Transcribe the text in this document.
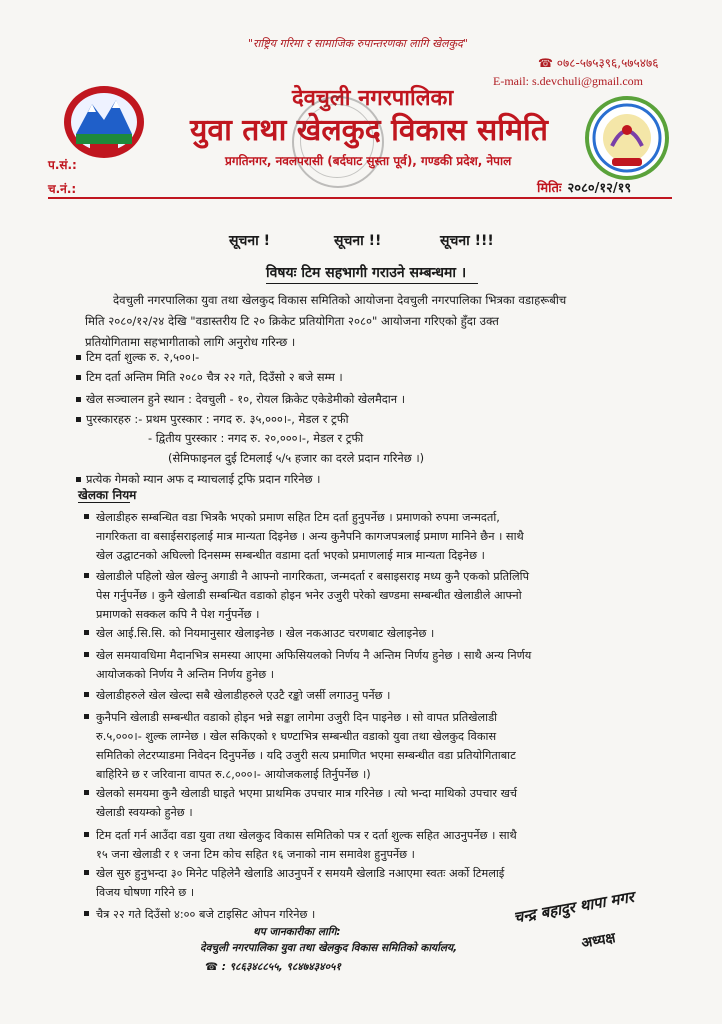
"राष्ट्रिय गरिमा र सामाजिक रुपान्तरणका लागि खेलकुद"
☎ ०७८-५७५३९६,५७५४७६
E-mail: s.devchuli@gmail.com
देवचुली नगरपालिका
युवा तथा खेलकुद विकास समिति
प्रगतिनगर, नवलपरासी (बर्दघाट सुस्ता पूर्व), गण्डकी प्रदेश, नेपाल
प.सं.:
च.नं.:	मितिः २०८०/१२/१९
सूचना !	सूचना !!	सूचना !!!
विषयः टिम सहभागी गराउने सम्बन्धमा ।

देवचुली नगरपालिका युवा तथा खेलकुद विकास समितिको आयोजना देवचुली नगरपालिका भित्रका वडाहरूबीच

मिति २०८०/१२/२४ देखि "वडास्तरीय टि २० क्रिकेट प्रतियोगिता २०८०" आयोजना गरिएको हुँदा उक्त

प्रतियोगितामा सहभागीताको लागि अनुरोध गरिन्छ ।

टिम दर्ता शुल्क रु. २,५००।-
टिम दर्ता अन्तिम मिति २०८० चैत्र २२ गते, दिउँसो २ बजे सम्म ।
खेल सञ्चालन हुने स्थान : देवचुली - १०, रोयल क्रिकेट एकेडेमीको खेलमैदान ।
पुरस्कारहरु :- प्रथम पुरस्कार : नगद रु. ३५,०००।-, मेडल र ट्रफी
- द्वितीय पुरस्कार : नगद रु. २०,०००।-, मेडल र ट्रफी
(सेमिफाइनल दुई टिमलाई ५/५ हजार का दरले प्रदान गरिनेछ ।)
प्रत्येक गेमको म्यान अफ द म्याचलाई ट्रफि प्रदान गरिनेछ ।
खेलका नियम

खेलाडीहरु सम्बन्धित वडा भित्रकै भएको प्रमाण सहित टिम दर्ता हुनुपर्नेछ । प्रमाणको रुपमा जन्मदर्ता,

नागरिकता वा बसाईसराइलाई मात्र मान्यता दिइनेछ । अन्य कुनैपनि कागजपत्रलाई प्रमाण मानिने छैन । साथै

खेल उद्घाटनको अघिल्लो दिनसम्म सम्बन्धीत वडामा दर्ता भएको प्रमाणलाई मात्र मान्यता दिइनेछ ।

खेलाडीले पहिलो खेल खेल्नु अगाडी नै आफ्नो नागरिकता, जन्मदर्ता र बसाइसराइ मध्य कुनै एकको प्रतिलिपि

पेस गर्नुपर्नेछ । कुनै खेलाडी सम्बन्धित वडाको होइन भनेर उजुरी परेको खण्डमा सम्बन्धीत खेलाडीले आफ्नो

प्रमाणको सक्कल कपि नै पेश गर्नुपर्नेछ ।

खेल आई.सि.सि. को नियमानुसार खेलाइनेछ । खेल नकआउट चरणबाट खेलाइनेछ ।

खेल समयावधिमा मैदानभित्र समस्या आएमा अफिसियलको निर्णय नै अन्तिम निर्णय हुनेछ । साथै अन्य निर्णय

आयोजकको निर्णय नै अन्तिम निर्णय हुनेछ ।

खेलाडीहरुले खेल खेल्दा सबै खेलाडीहरुले एउटै रङ्को जर्सी लगाउनु पर्नेछ ।

कुनैपनि खेलाडी सम्बन्धीत वडाको होइन भन्ने सङ्का लागेमा उजुरी दिन पाइनेछ । सो वापत प्रतिखेलाडी

रु.५,०००।- शुल्क लाग्नेछ । खेल सकिएको १ घण्टाभित्र सम्बन्धीत वडाको युवा तथा खेलकुद विकास

समितिको लेटरप्याडमा निवेदन दिनुपर्नेछ । यदि उजुरी सत्य प्रमाणित भएमा सम्बन्धीत वडा प्रतियोगिताबाट

बाहिरिने छ र जरिवाना वापत रु.८,०००।- आयोजकलाई तिर्नुपर्नेछ ।)

खेलको समयमा कुनै खेलाडी घाइते भएमा प्राथमिक उपचार मात्र गरिनेछ । त्यो भन्दा माथिको उपचार खर्च

खेलाडी स्वयम्को हुनेछ ।

टिम दर्ता गर्न आउँदा वडा युवा तथा खेलकुद विकास समितिको पत्र र दर्ता शुल्क सहित आउनुपर्नेछ । साथै

१५ जना खेलाडी र १ जना टिम कोच सहित १६ जनाको नाम समावेश हुनुपर्नेछ ।

खेल सुरु हुनुभन्दा ३० मिनेट पहिलेनै खेलाडि आउनुपर्ने र समयमै खेलाडि नआएमा स्वतः अर्को टिमलाई

विजय घोषणा गरिने छ ।

चैत्र २२ गते दिउँसो ४:०० बजे टाइसिट ओपन गरिनेछ ।

थप जानकारीका लागि:
देवचुली नगरपालिका युवा तथा खेलकुद विकास समितिको कार्यालय,
☎ : ९८६३४८८५५, ९८४७४३४०५१
चन्द्र बहादुर थापा मगर
अध्यक्ष
